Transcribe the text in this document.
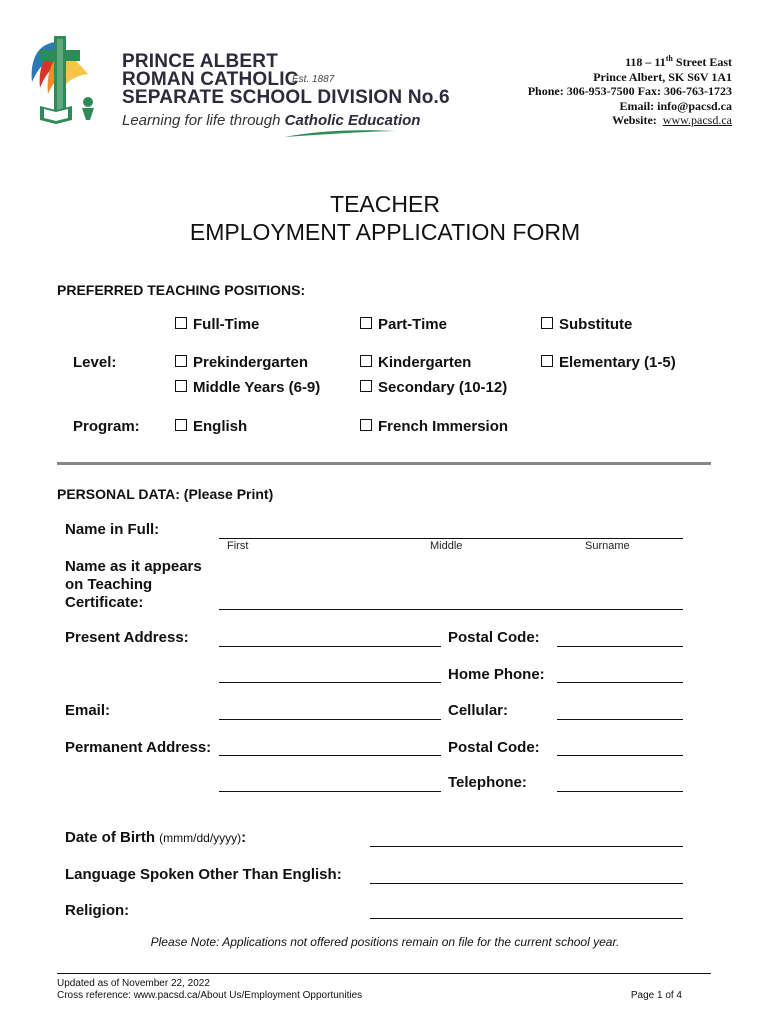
PRINCE ALBERT
ROMAN CATHOLIC
Est. 1887
SEPARATE SCHOOL DIVISION No.6
Learning for life through Catholic Education
118 – 11th Street East
Prince Albert, SK S6V 1A1
Phone: 306-953-7500 Fax: 306-763-1723
Email: info@pacsd.ca
Website: www.pacsd.ca
TEACHER
EMPLOYMENT APPLICATION FORM
PREFERRED TEACHING POSITIONS:
Full-Time	Part-Time	Substitute
Level:	Prekindergarten	Kindergarten	Elementary (1-5)
Middle Years (6-9)	Secondary (10-12)
Program:	English	French Immersion
PERSONAL DATA: (Please Print)
Name in Full:
First	Middle	Surname
Name as it appears
on Teaching
Certificate:
Present Address:	Postal Code:
Home Phone:
Email:	Cellular:
Permanent Address:	Postal Code:
Telephone:
Date of Birth (mmm/dd/yyyy):
Language Spoken Other Than English:
Religion:
Please Note: Applications not offered positions remain on file for the current school year.
Updated as of November 22, 2022
Cross reference: www.pacsd.ca/About Us/Employment Opportunities	Page 1 of 4
